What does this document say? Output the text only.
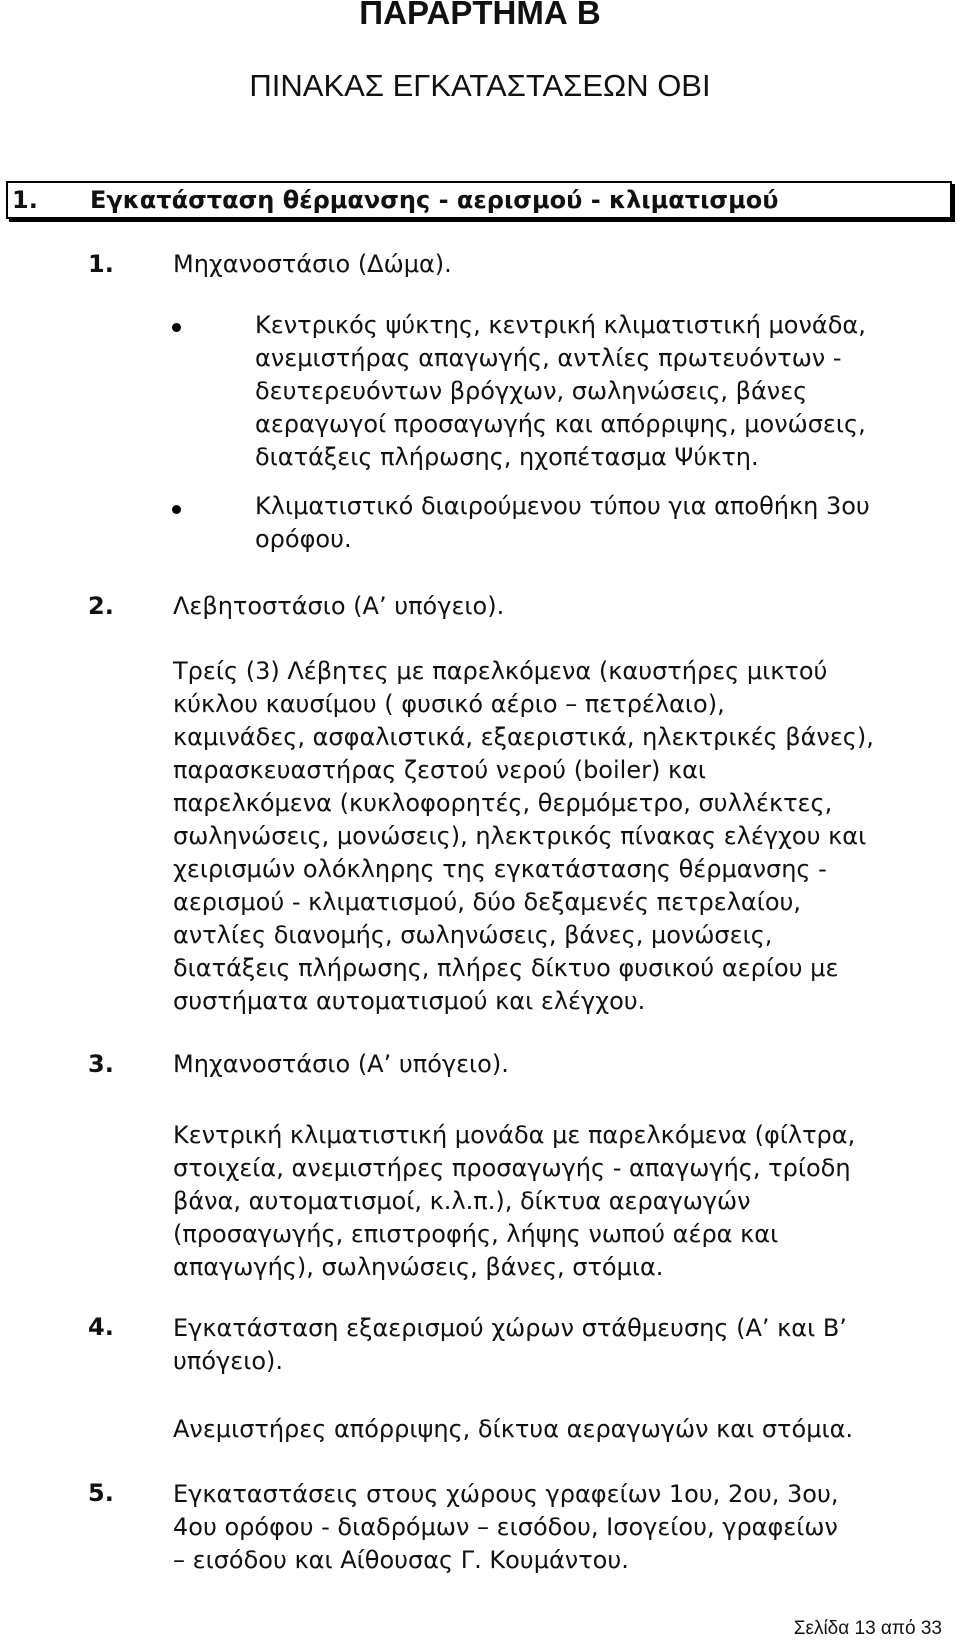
ΠΑΡΑΡΤΗΜΑ Β
ΠΙΝΑΚΑΣ ΕΓΚΑΤΑΣΤΑΣΕΩΝ ΟΒΙ
1. Εγκατάσταση θέρμανσης - αερισμού - κλιματισμού
1. Μηχανοστάσιο (Δώμα).
Κεντρικός ψύκτης, κεντρική κλιματιστική μονάδα,
ανεμιστήρας απαγωγής, αντλίες πρωτευόντων -
δευτερευόντων βρόγχων, σωληνώσεις, βάνες
αεραγωγοί προσαγωγής και απόρριψης, μονώσεις,
διατάξεις πλήρωσης, ηχοπέτασμα Ψύκτη.
Κλιματιστικό διαιρούμενου τύπου για αποθήκη 3ου
ορόφου.
2. Λεβητοστάσιο (Α’ υπόγειο).
Τρείς (3) Λέβητες με παρελκόμενα (καυστήρες μικτού
κύκλου καυσίμου ( φυσικό αέριο – πετρέλαιο),
καμινάδες, ασφαλιστικά, εξαεριστικά, ηλεκτρικές βάνες),
παρασκευαστήρας ζεστού νερού (boiler) και
παρελκόμενα (κυκλοφορητές, θερμόμετρο, συλλέκτες,
σωληνώσεις, μονώσεις), ηλεκτρικός πίνακας ελέγχου και
χειρισμών ολόκληρης της εγκατάστασης θέρμανσης -
αερισμού - κλιματισμού, δύο δεξαμενές πετρελαίου,
αντλίες διανομής, σωληνώσεις, βάνες, μονώσεις,
διατάξεις πλήρωσης, πλήρες δίκτυο φυσικού αερίου με
συστήματα αυτοματισμού και ελέγχου.
3. Μηχανοστάσιο (Α’ υπόγειο).
Κεντρική κλιματιστική μονάδα με παρελκόμενα (φίλτρα,
στοιχεία, ανεμιστήρες προσαγωγής - απαγωγής, τρίοδη
βάνα, αυτοματισμοί, κ.λ.π.), δίκτυα αεραγωγών
(προσαγωγής, επιστροφής, λήψης νωπού αέρα και
απαγωγής), σωληνώσεις, βάνες, στόμια.
4. Εγκατάσταση εξαερισμού χώρων στάθμευσης (Α’ και Β’
υπόγειο).
Ανεμιστήρες απόρριψης, δίκτυα αεραγωγών και στόμια.
5. Εγκαταστάσεις στους χώρους γραφείων 1ου, 2ου, 3ου,
4ου ορόφου - διαδρόμων – εισόδου, Ισογείου, γραφείων
– εισόδου και Αίθουσας Γ. Κουμάντου.
Σελίδα 13 από 33
